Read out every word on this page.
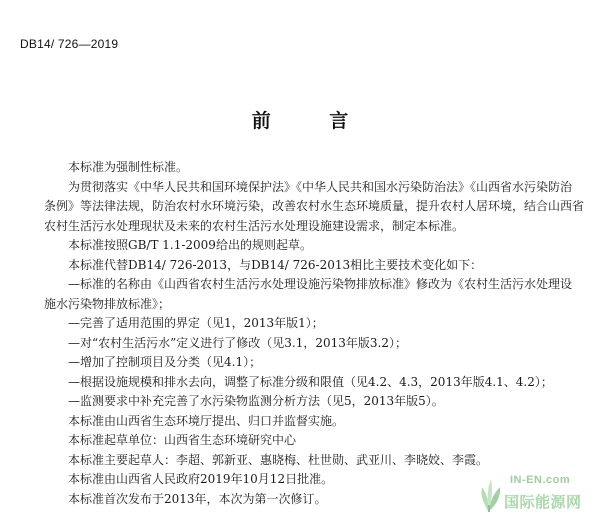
DB14/ 726—2019
前 言
本标准为强制性标准。
为贯彻落实《中华人民共和国环境保护法》《中华人民共和国水污染防治法》《山西省水污染防治
条例》等法律法规，防治农村水环境污染，改善农村水生态环境质量，提升农村人居环境，结合山西省
农村生活污水处理现状及未来的农村生活污水处理设施建设需求，制定本标准。
本标准按照GB/T 1.1-2009给出的规则起草。
本标准代替DB14/ 726-2013，与DB14/ 726-2013相比主要技术变化如下：
—标准的名称由《山西省农村生活污水处理设施污染物排放标准》修改为《农村生活污水处理设
施水污染物排放标准》；
—完善了适用范围的界定（见1，2013年版1）；
—对“农村生活污水”定义进行了修改（见3.1，2013年版3.2）；
—增加了控制项目及分类（见4.1）；
—根据设施规模和排水去向，调整了标准分级和限值（见4.2、4.3，2013年版4.1、4.2）；
—监测要求中补充完善了水污染物监测分析方法（见5，2013年版5）。
本标准由山西省生态环境厅提出、归口并监督实施。
本标准起草单位：山西省生态环境研究中心
本标准主要起草人：李超、郭新亚、惠晓梅、杜世勋、武亚川、李晓姣、李霞。
本标准由山西省人民政府2019年10月12日批准。
本标准首次发布于2013年，本次为第一次修订。
IN-EN.com
国际能源网
